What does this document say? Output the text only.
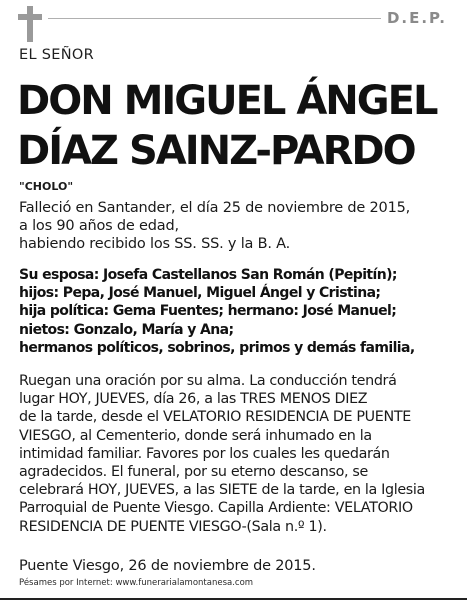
D.E.P.
EL SEÑOR
DON MIGUEL ÁNGEL
DÍAZ SAINZ-PARDO
"CHOLO"
Falleció en Santander, el día 25 de noviembre de 2015,
a los 90 años de edad,
habiendo recibido los SS. SS. y la B. A.
Su esposa: Josefa Castellanos San Román (Pepitín);
hijos: Pepa, José Manuel, Miguel Ángel y Cristina;
hija política: Gema Fuentes; hermano: José Manuel;
nietos: Gonzalo, María y Ana;
hermanos políticos, sobrinos, primos y demás familia,
Ruegan una oración por su alma. La conducción tendrá
lugar HOY, JUEVES, día 26, a las TRES MENOS DIEZ
de la tarde, desde el VELATORIO RESIDENCIA DE PUENTE
VIESGO, al Cementerio, donde será inhumado en la
intimidad familiar. Favores por los cuales les quedarán
agradecidos. El funeral, por su eterno descanso, se
celebrará HOY, JUEVES, a las SIETE de la tarde, en la Iglesia
Parroquial de Puente Viesgo. Capilla Ardiente: VELATORIO
RESIDENCIA DE PUENTE VIESGO-(Sala n.º 1).
Puente Viesgo, 26 de noviembre de 2015.
Pésames por Internet: www.funerarialamontanesa.com
